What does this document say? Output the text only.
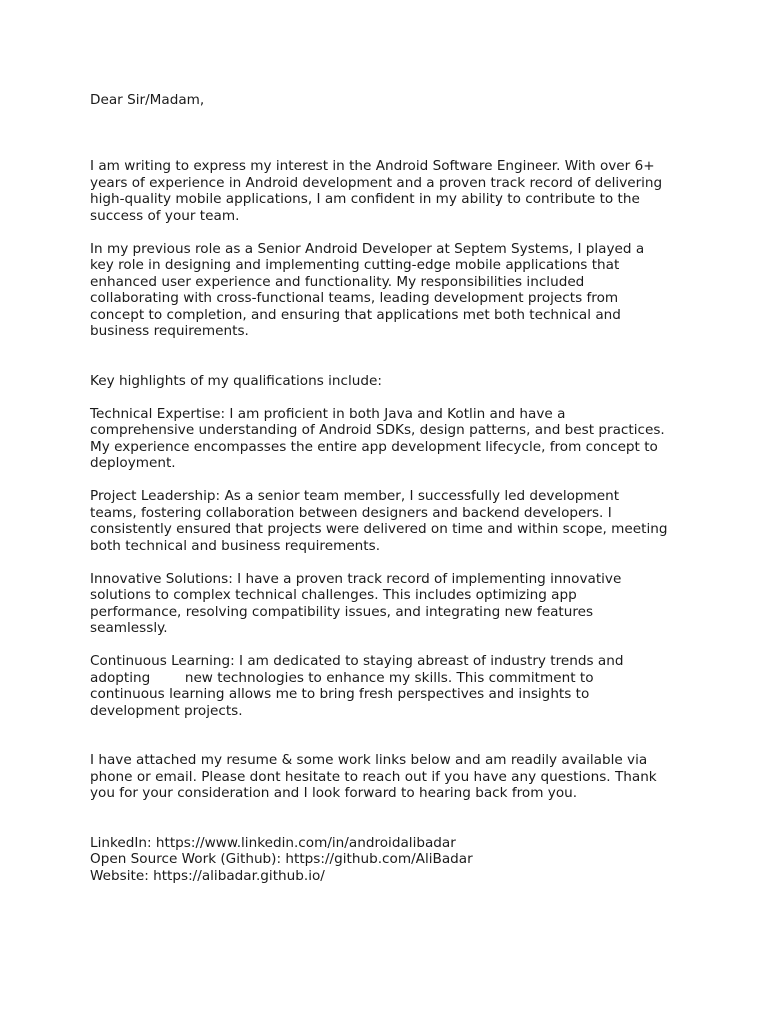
Dear Sir/Madam,
I am writing to express my interest in the Android Software Engineer. With over 6+
years of experience in Android development and a proven track record of delivering
high-quality mobile applications, I am confident in my ability to contribute to the
success of your team.
In my previous role as a Senior Android Developer at Septem Systems, I played a
key role in designing and implementing cutting-edge mobile applications that
enhanced user experience and functionality. My responsibilities included
collaborating with cross-functional teams, leading development projects from
concept to completion, and ensuring that applications met both technical and
business requirements.
Key highlights of my qualifications include:
Technical Expertise: I am proficient in both Java and Kotlin and have a
comprehensive understanding of Android SDKs, design patterns, and best practices.
My experience encompasses the entire app development lifecycle, from concept to
deployment.
Project Leadership: As a senior team member, I successfully led development
teams, fostering collaboration between designers and backend developers. I
consistently ensured that projects were delivered on time and within scope, meeting
both technical and business requirements.
Innovative Solutions: I have a proven track record of implementing innovative
solutions to complex technical challenges. This includes optimizing app
performance, resolving compatibility issues, and integrating new features
seamlessly.
Continuous Learning: I am dedicated to staying abreast of industry trends and
adopting        new technologies to enhance my skills. This commitment to
continuous learning allows me to bring fresh perspectives and insights to
development projects.
I have attached my resume & some work links below and am readily available via
phone or email. Please dont hesitate to reach out if you have any questions. Thank
you for your consideration and I look forward to hearing back from you.
LinkedIn: https://www.linkedin.com/in/androidalibadar
Open Source Work (Github): https://github.com/AliBadar
Website: https://alibadar.github.io/
